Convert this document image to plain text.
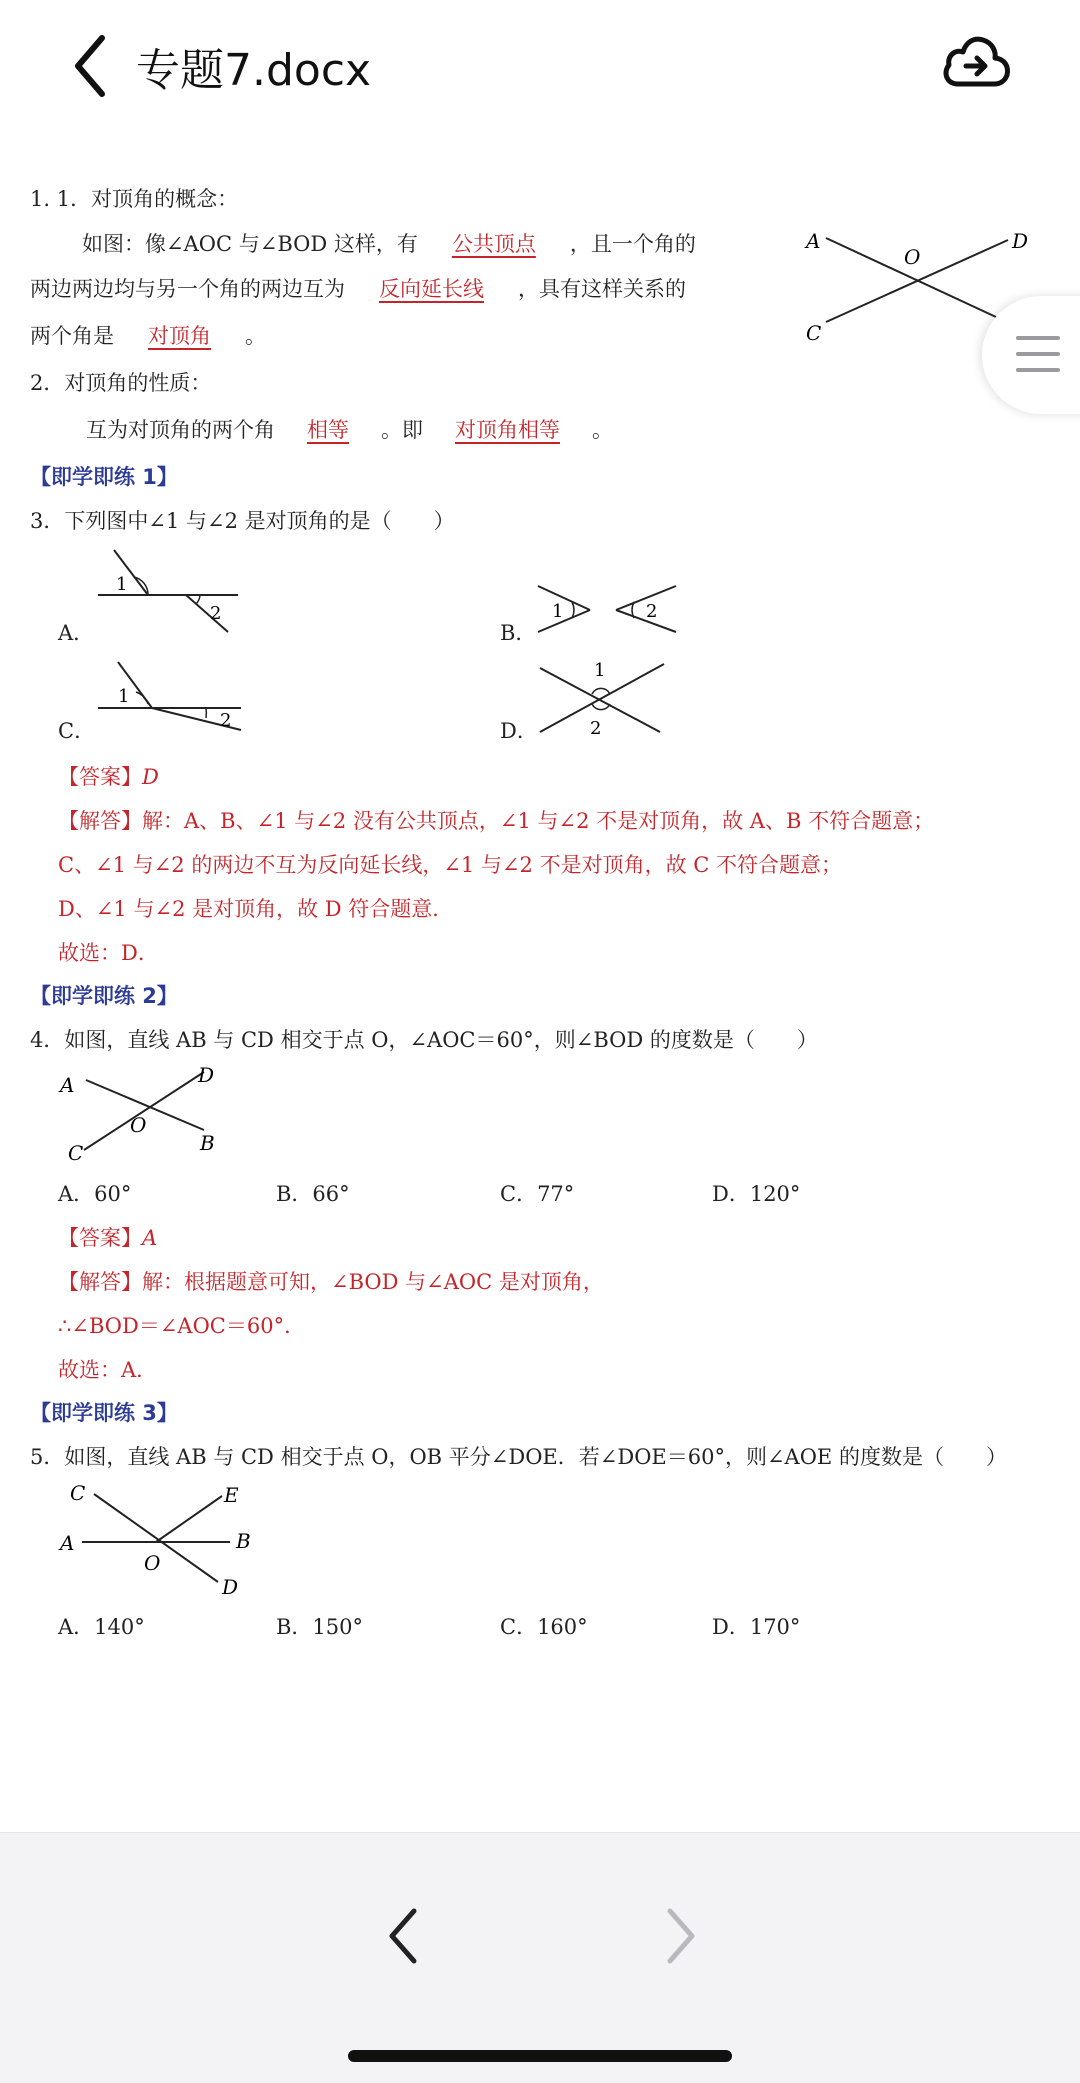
专题7.docx
1. 1．对顶角的概念：
如图：像∠AOC 与∠BOD 这样，有 公共顶点 ，且一个角的
两边两边均与另一个角的两边互为 反向延长线 ，具有这样关系的
两个角是 对顶角 。
A
O
D
C
2．对顶角的性质：
互为对顶角的两个角 相等 。即 对顶角相等 。
【即学即练 1】
3．下列图中∠1 与∠2 是对顶角的是（　　）
A．
1
2
B．
1	2
C．
1
2	D．
1
2
【答案】D
【解答】解：A、B、∠1 与∠2 没有公共顶点，∠1 与∠2 不是对顶角，故 A、B 不符合题意；
C、∠1 与∠2 的两边不互为反向延长线，∠1 与∠2 不是对顶角，故 C 不符合题意；
D、∠1 与∠2 是对顶角，故 D 符合题意．
故选：D．
【即学即练 2】
4．如图，直线 AB 与 CD 相交于点 O，∠AOC＝60°，则∠BOD 的度数是（　　）
A	D
O
C	B
A．60°	B．66°	C．77°	D．120°
【答案】A
【解答】解：根据题意可知，∠BOD 与∠AOC 是对顶角，
∴∠BOD＝∠AOC＝60°．
故选：A．
【即学即练 3】
5．如图，直线 AB 与 CD 相交于点 O，OB 平分∠DOE．若∠DOE＝60°，则∠AOE 的度数是（　　）
C	E
A	B
O
D
A．140°	B．150°	C．160°	D．170°
